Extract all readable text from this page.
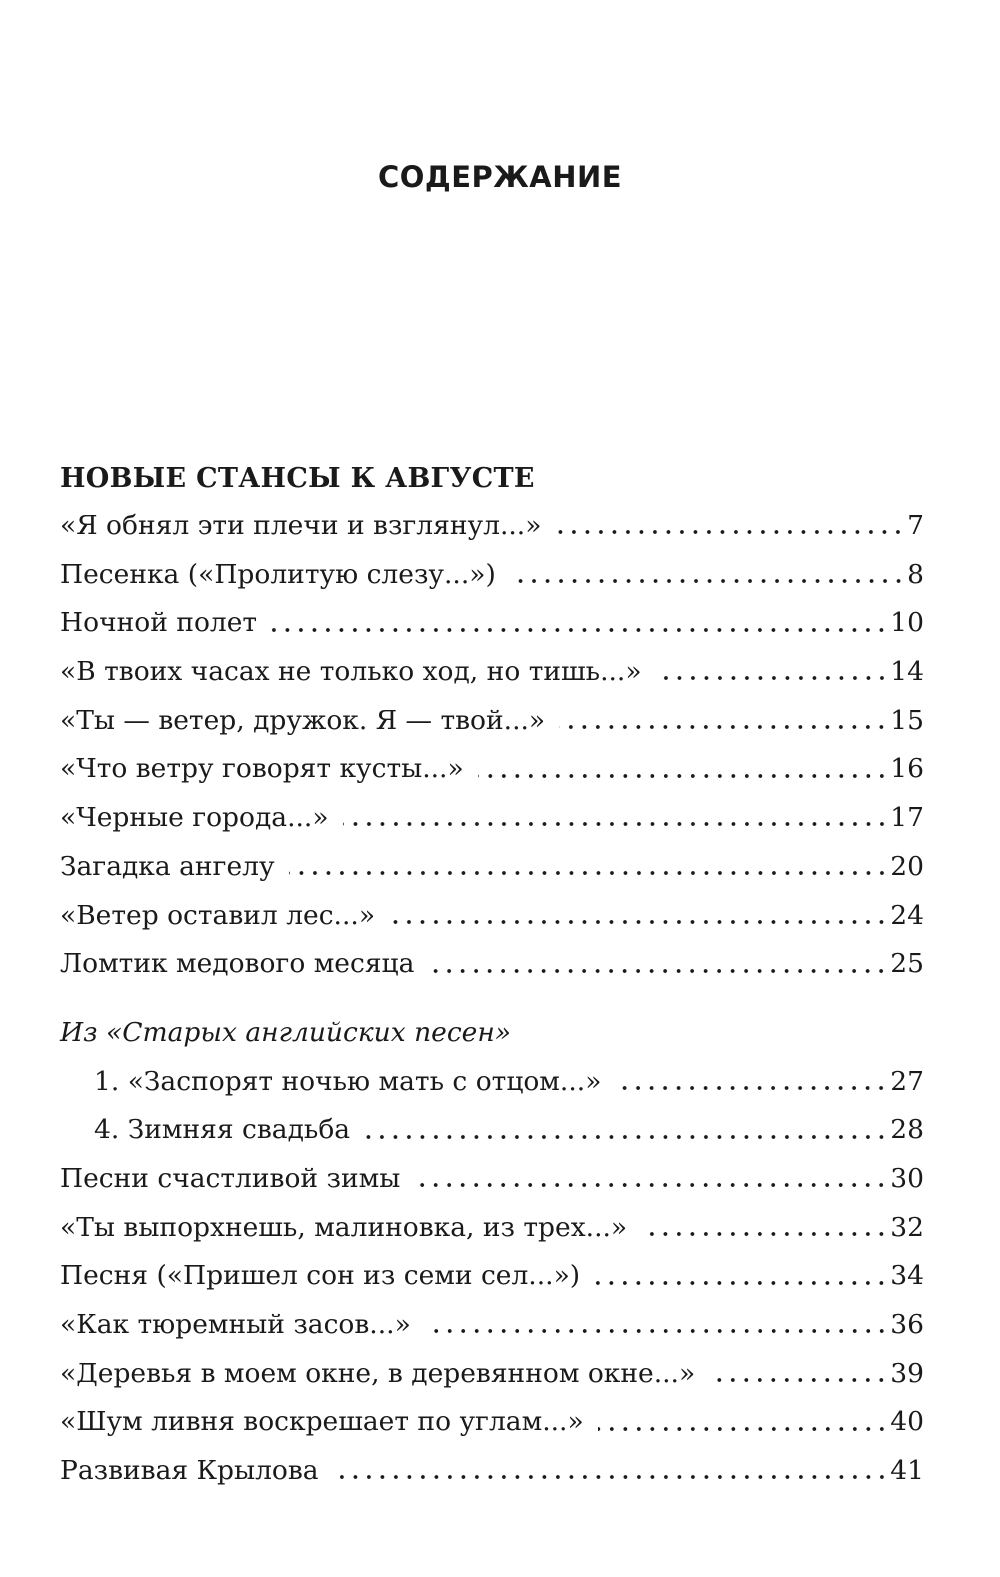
СОДЕРЖАНИЕ
НОВЫЕ СТАНСЫ К АВГУСТЕ
«Я обнял эти плечи и взглянул...»	7
Песенка («Пролитую слезу...»)	8
Ночной полет	10
«В твоих часах не только ход, но тишь...»	14
«Ты — ветер, дружок. Я — твой...»	15
«Что ветру говорят кусты...»	16
«Черные города...»	17
Загадка ангелу	20
«Ветер оставил лес...»	24
Ломтик медового месяца	25
Из «Старых английских песен»
1. «Заспорят ночью мать с отцом...»	27
4. Зимняя свадьба	28
Песни счастливой зимы	30
«Ты выпорхнешь, малиновка, из трех...»	32
Песня («Пришел сон из семи сел...»)	34
«Как тюремный засов...»	36
«Деревья в моем окне, в деревянном окне...»	39
«Шум ливня воскрешает по углам...»	40
Развивая Крылова	41
